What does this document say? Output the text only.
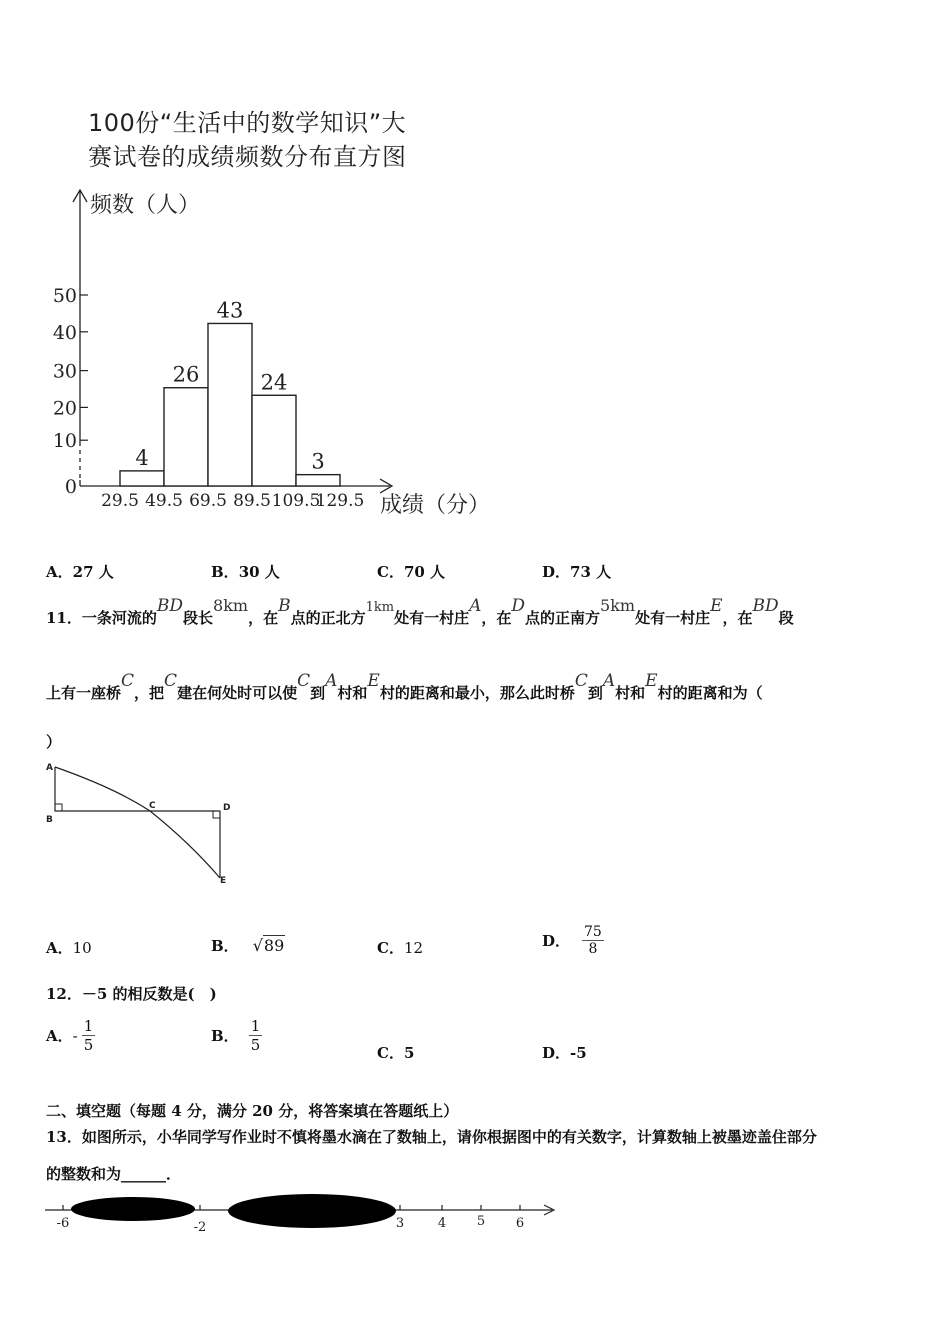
100份“生活中的数学知识”大
赛试卷的成绩频数分布直方图
频数（人）
成绩（分）
0
10
20
30
40
50
29.5 49.5 69.5 89.5 109.5
129.5
4
26
43
24
3
A．27 人	B．30 人	C．70 人	D．73 人
11．一条河流的BD段长8km，在B点的正北方1km处有一村庄A，在D点的正南方5km处有一村庄E，在BD段
上有一座桥C，把C建在何处时可以使C到A村和E村的距离和最小，那么此时桥C到A村和E村的距离和为（
）
A
B
C	D
E
A．10	B． √89	C．12	D． $\frac{75}{8}$
12．－5 的相反数是(　)
A． - $\frac{1}{5}$	B． $\frac{1}{5}$	C．5	D．-5
二、填空题（每题 4 分，满分 20 分，将答案填在答题纸上）
13．如图所示，小华同学写作业时不慎将墨水滴在了数轴上，请你根据图中的有关数字，计算数轴上被墨迹盖住部分
的整数和为______．
-6	-2	3	4 5 6
